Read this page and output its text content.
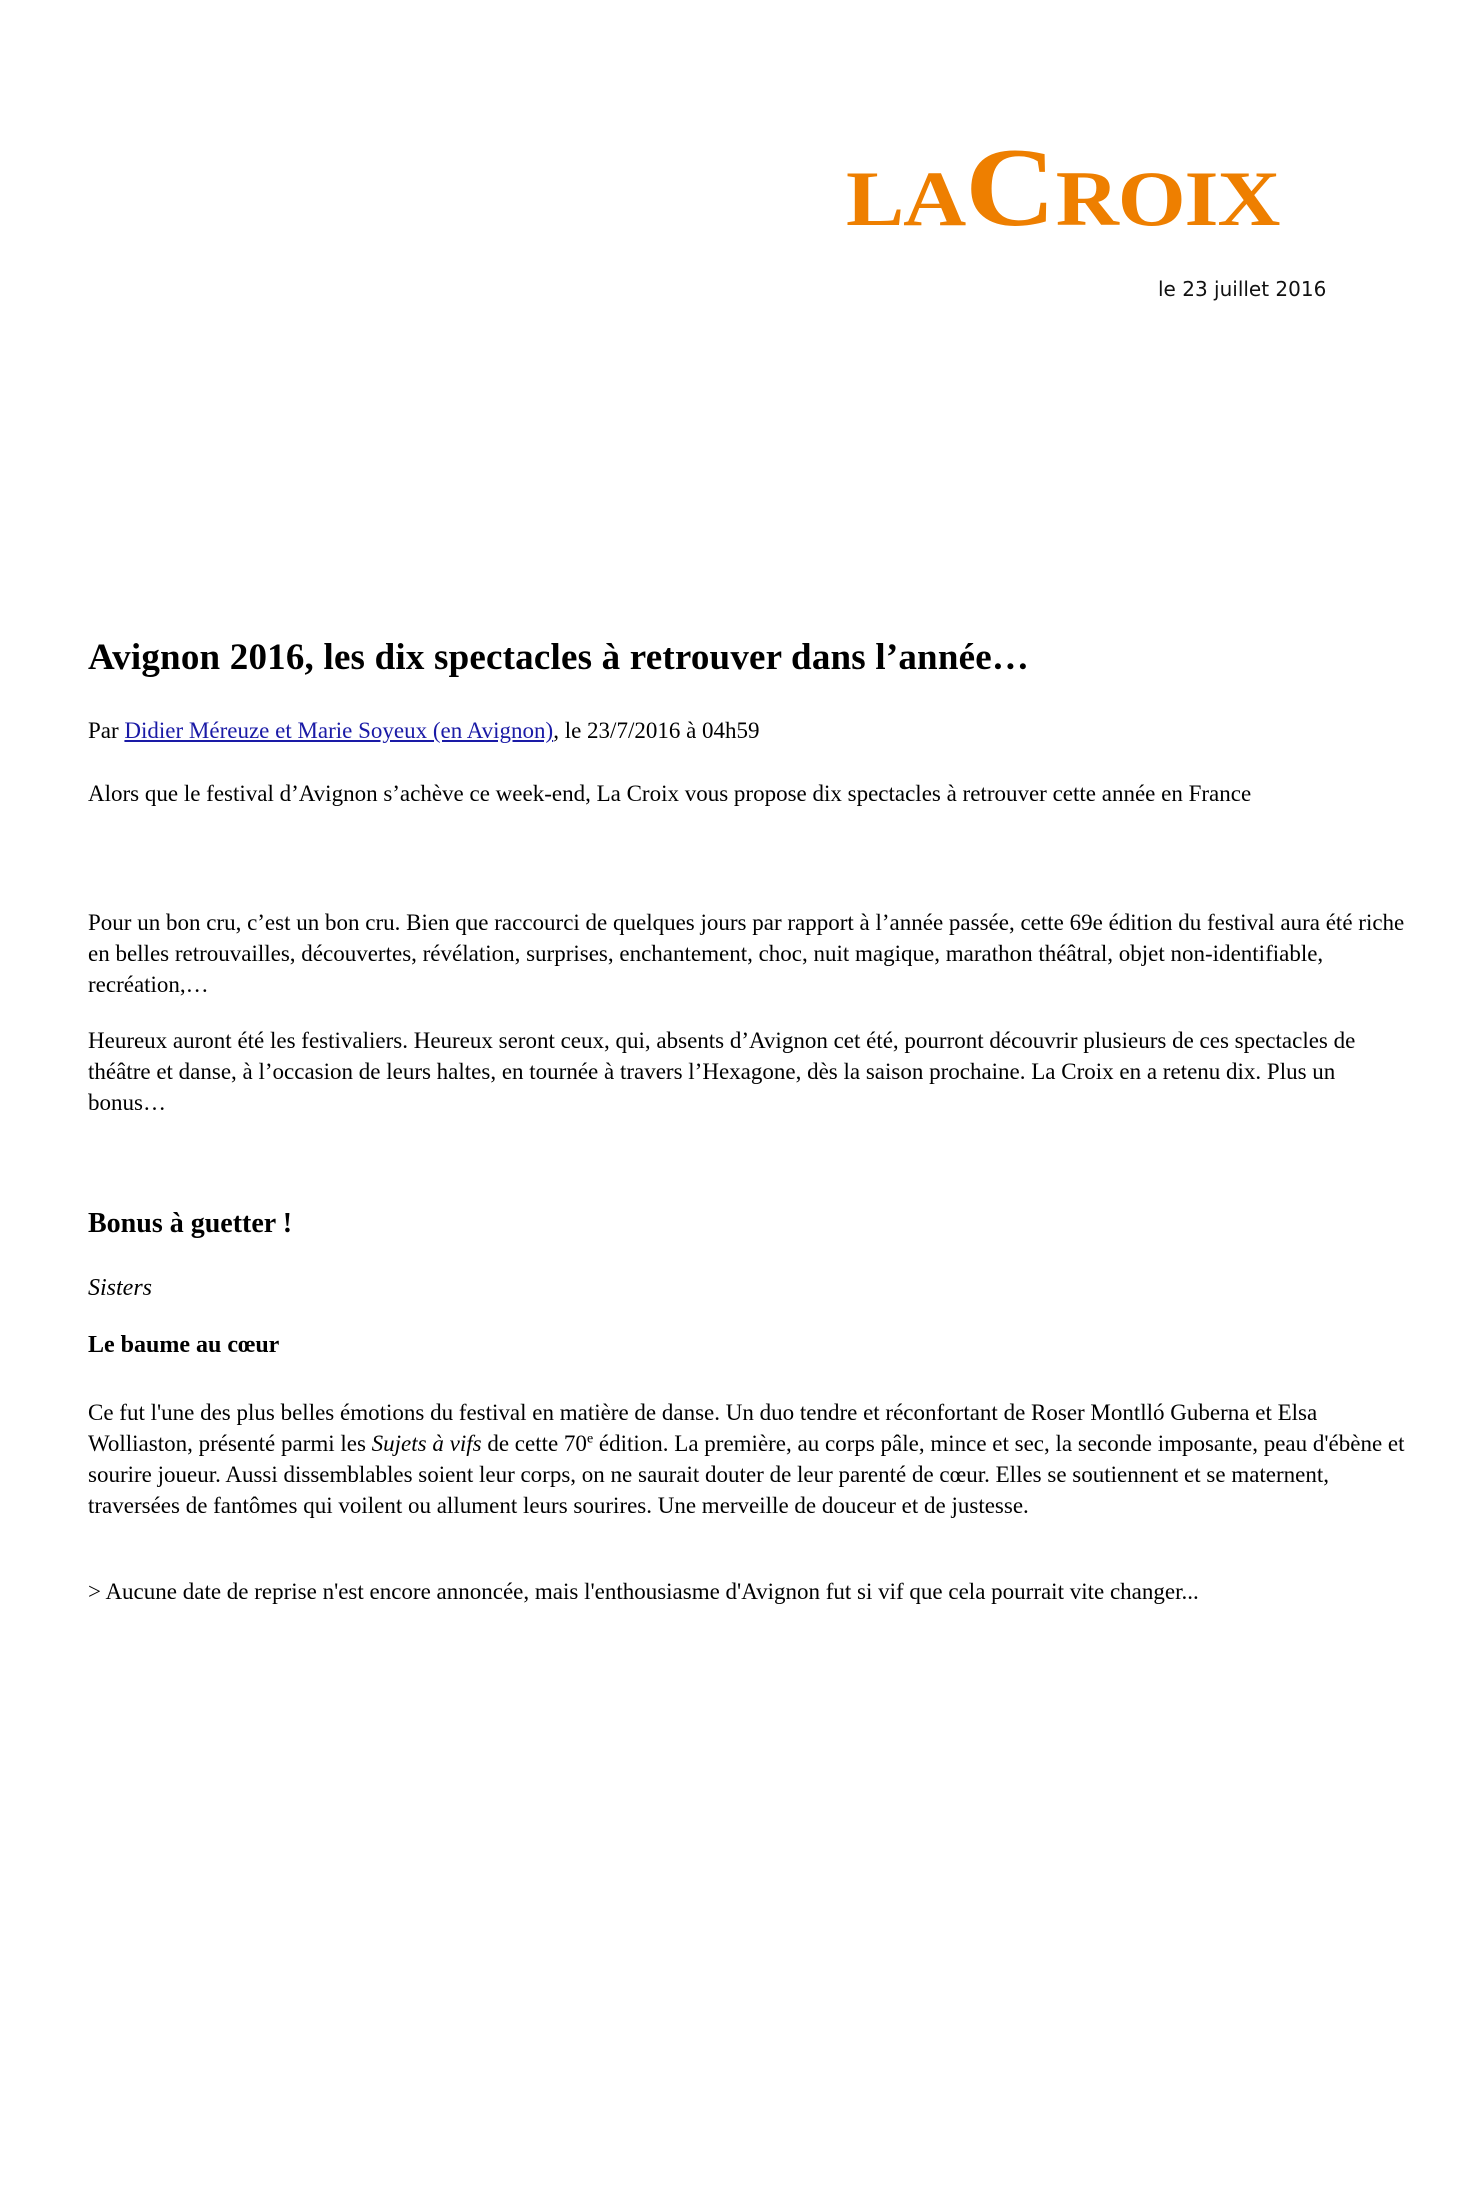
LACROIX
le 23 juillet 2016
Avignon 2016, les dix spectacles à retrouver dans l’année…
Par Didier Méreuze et Marie Soyeux (en Avignon), le 23/7/2016 à 04h59

Alors que le festival d’Avignon s’achève ce week-end, La Croix vous propose dix spectacles à retrouver cette année en France

Pour un bon cru, c’est un bon cru. Bien que raccourci de quelques jours par rapport à l’année passée, cette 69e édition du festival aura été riche en belles retrouvailles, découvertes, révélation, surprises, enchantement, choc, nuit magique, marathon théâtral, objet non-identifiable, recréation,…

Heureux auront été les festivaliers. Heureux seront ceux, qui, absents d’Avignon cet été, pourront découvrir plusieurs de ces spectacles de théâtre et danse, à l’occasion de leurs haltes, en tournée à travers l’Hexagone, dès la saison prochaine. La Croix en a retenu dix. Plus un bonus…

Bonus à guetter !
Sisters
Le baume au cœur

Ce fut l'une des plus belles émotions du festival en matière de danse. Un duo tendre et réconfortant de Roser Montlló Guberna et Elsa Wolliaston, présenté parmi les Sujets à vifs de cette 70e édition. La première, au corps pâle, mince et sec, la seconde imposante, peau d'ébène et sourire joueur. Aussi dissemblables soient leur corps, on ne saurait douter de leur parenté de cœur. Elles se soutiennent et se maternent, traversées de fantômes qui voilent ou allument leurs sourires. Une merveille de douceur et de justesse.

> Aucune date de reprise n'est encore annoncée, mais l'enthousiasme d'Avignon fut si vif que cela pourrait vite changer...
